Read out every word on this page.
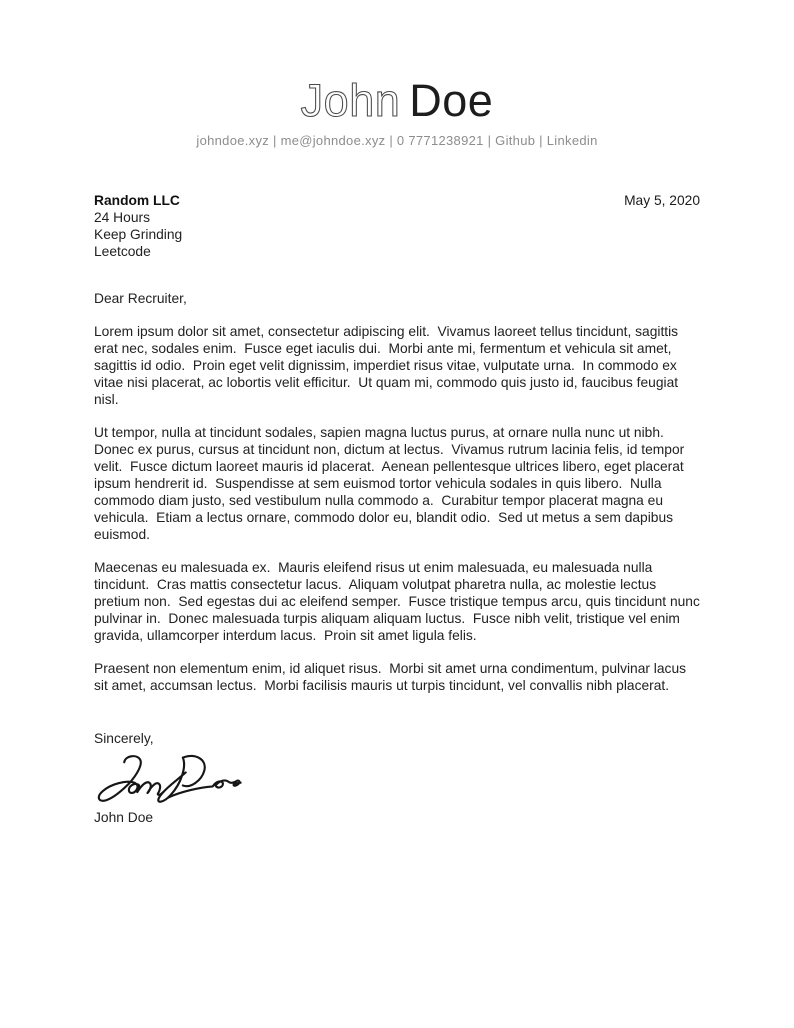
John Doe
johndoe.xyz | me@johndoe.xyz | 0 7771238921 | Github | Linkedin
Random LLC
24 Hours
Keep Grinding
Leetcode
May 5, 2020

Dear Recruiter,

Lorem ipsum dolor sit amet, consectetur adipiscing elit.  Vivamus laoreet tellus tincidunt, sagittis erat nec, sodales enim.  Fusce eget iaculis dui.  Morbi ante mi, fermentum et vehicula sit amet, sagittis id odio.  Proin eget velit dignissim, imperdiet risus vitae, vulputate urna.  In commodo ex vitae nisi placerat, ac lobortis velit efficitur.  Ut quam mi, commodo quis justo id, faucibus feugiat nisl.

Ut tempor, nulla at tincidunt sodales, sapien magna luctus purus, at ornare nulla nunc ut nibh.  Donec ex purus, cursus at tincidunt non, dictum at lectus.  Vivamus rutrum lacinia felis, id tempor velit.  Fusce dictum laoreet mauris id placerat.  Aenean pellentesque ultrices libero, eget placerat ipsum hendrerit id.  Suspendisse at sem euismod tortor vehicula sodales in quis libero.  Nulla commodo diam justo, sed vestibulum nulla commodo a.  Curabitur tempor placerat magna eu vehicula.  Etiam a lectus ornare, commodo dolor eu, blandit odio.  Sed ut metus a sem dapibus euismod.

Maecenas eu malesuada ex.  Mauris eleifend risus ut enim malesuada, eu malesuada nulla tincidunt.  Cras mattis consectetur lacus.  Aliquam volutpat pharetra nulla, ac molestie lectus pretium non.  Sed egestas dui ac eleifend semper.  Fusce tristique tempus arcu, quis tincidunt nunc pulvinar in.  Donec malesuada turpis aliquam aliquam luctus.  Fusce nibh velit, tristique vel enim gravida, ullamcorper interdum lacus.  Proin sit amet ligula felis.

Praesent non elementum enim, id aliquet risus.  Morbi sit amet urna condimentum, pulvinar lacus sit amet, accumsan lectus.  Morbi facilisis mauris ut turpis tincidunt, vel convallis nibh placerat.

Sincerely,

John Doe
